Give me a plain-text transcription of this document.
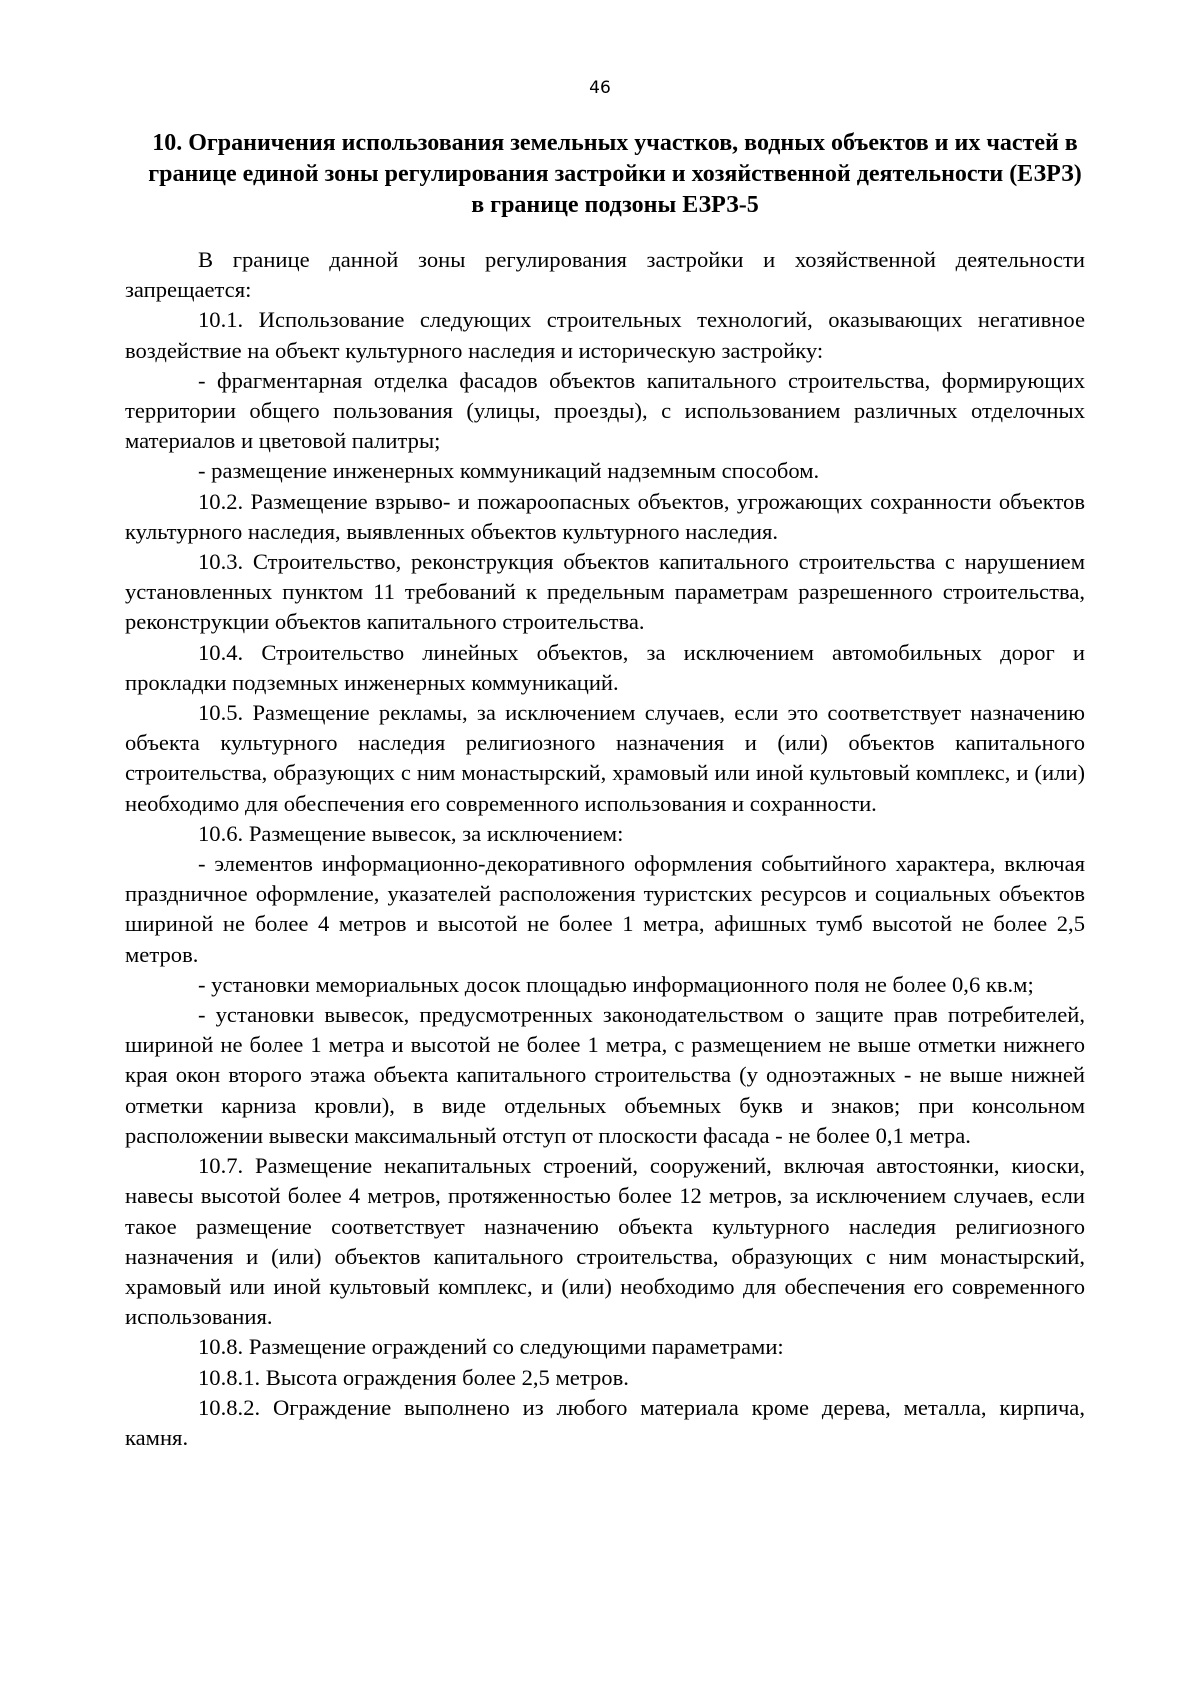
46
10. Ограничения использования земельных участков, водных объектов и их частей в границе единой зоны регулирования застройки и хозяйственной деятельности (ЕЗРЗ) в границе подзоны ЕЗРЗ-5

В границе данной зоны регулирования застройки и хозяйственной деятельности запрещается:

10.1. Использование следующих строительных технологий, оказывающих негативное воздействие на объект культурного наследия и историческую застройку:

- фрагментарная отделка фасадов объектов капитального строительства, формирующих территории общего пользования (улицы, проезды), с использованием различных отделочных материалов и цветовой палитры;

- размещение инженерных коммуникаций надземным способом.

10.2. Размещение взрыво- и пожароопасных объектов, угрожающих сохранности объектов культурного наследия, выявленных объектов культурного наследия.

10.3. Строительство, реконструкция объектов капитального строительства с нарушением установленных пунктом 11 требований к предельным параметрам разрешенного строительства, реконструкции объектов капитального строительства.

10.4. Строительство линейных объектов, за исключением автомобильных дорог и прокладки подземных инженерных коммуникаций.

10.5. Размещение рекламы, за исключением случаев, если это соответствует назначению объекта культурного наследия религиозного назначения и (или) объектов капитального строительства, образующих с ним монастырский, храмовый или иной культовый комплекс, и (или) необходимо для обеспечения его современного использования и сохранности.

10.6. Размещение вывесок, за исключением:

- элементов информационно-декоративного оформления событийного характера, включая праздничное оформление, указателей расположения туристских ресурсов и социальных объектов шириной не более 4 метров и высотой не более 1 метра, афишных тумб высотой не более 2,5 метров.

- установки мемориальных досок площадью информационного поля не более 0,6 кв.м;

- установки вывесок, предусмотренных законодательством о защите прав потребителей, шириной не более 1 метра и высотой не более 1 метра, с размещением не выше отметки нижнего края окон второго этажа объекта капитального строительства (у одноэтажных - не выше нижней отметки карниза кровли), в виде отдельных объемных букв и знаков; при консольном расположении вывески максимальный отступ от плоскости фасада - не более 0,1 метра.

10.7. Размещение некапитальных строений, сооружений, включая автостоянки, киоски, навесы высотой более 4 метров, протяженностью более 12 метров, за исключением случаев, если такое размещение соответствует назначению объекта культурного наследия религиозного назначения и (или) объектов капитального строительства, образующих с ним монастырский, храмовый или иной культовый комплекс, и (или) необходимо для обеспечения его современного использования.

10.8. Размещение ограждений со следующими параметрами:

10.8.1. Высота ограждения более 2,5 метров.

10.8.2. Ограждение выполнено из любого материала кроме дерева, металла, кирпича, камня.
